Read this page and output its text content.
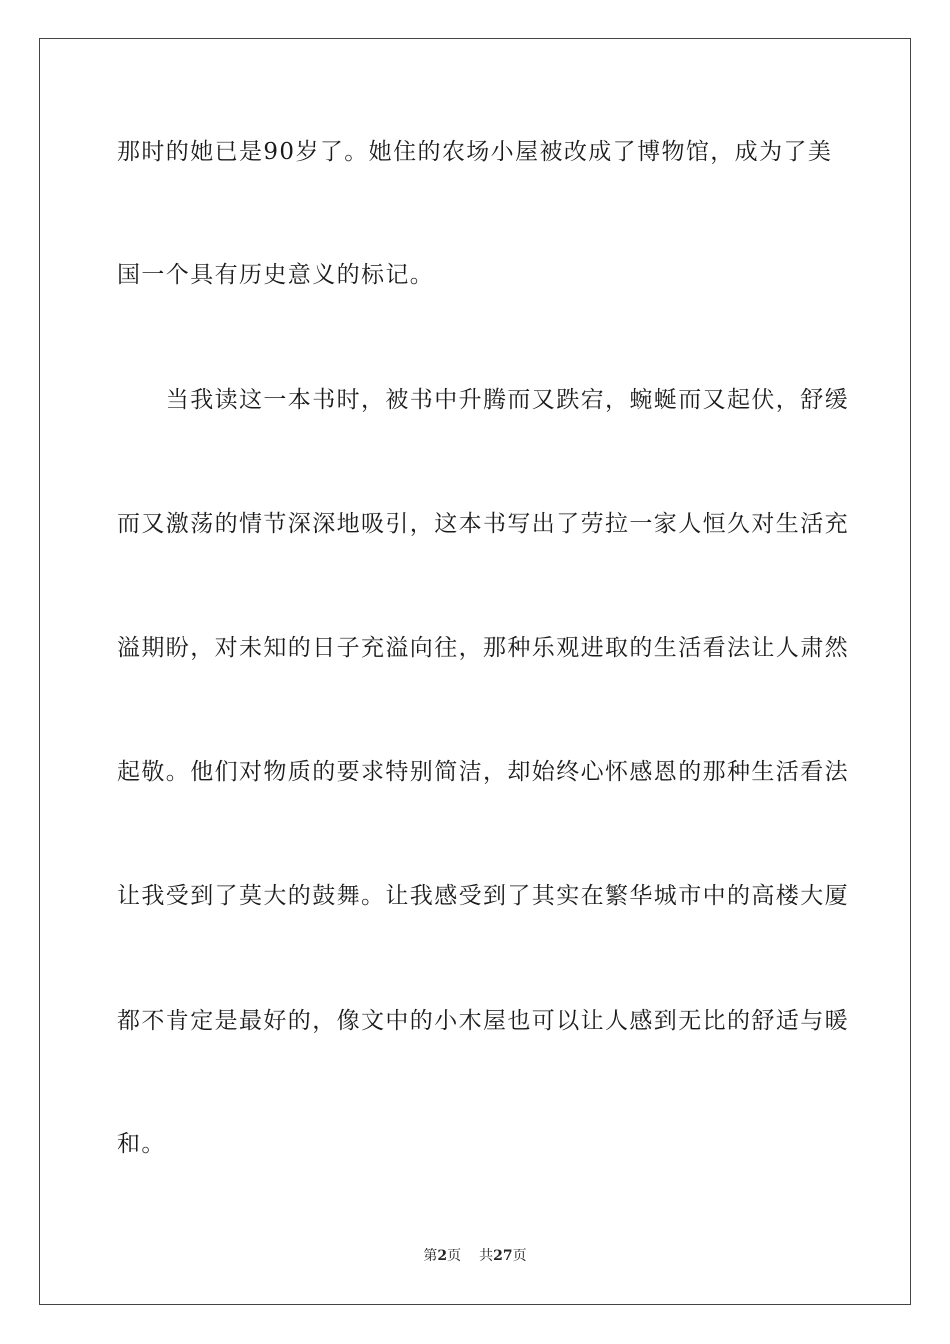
那时的她已是90岁了。她住的农场小屋被改成了博物馆，成为了美
国一个具有历史意义的标记。
　　当我读这一本书时，被书中升腾而又跌宕，蜿蜒而又起伏，舒缓
而又激荡的情节深深地吸引，这本书写出了劳拉一家人恒久对生活充
溢期盼，对未知的日子充溢向往，那种乐观进取的生活看法让人肃然
起敬。他们对物质的要求特别简洁，却始终心怀感恩的那种生活看法
让我受到了莫大的鼓舞。让我感受到了其实在繁华城市中的高楼大厦
都不肯定是最好的，像文中的小木屋也可以让人感到无比的舒适与暖
和。
第2页 共27页
